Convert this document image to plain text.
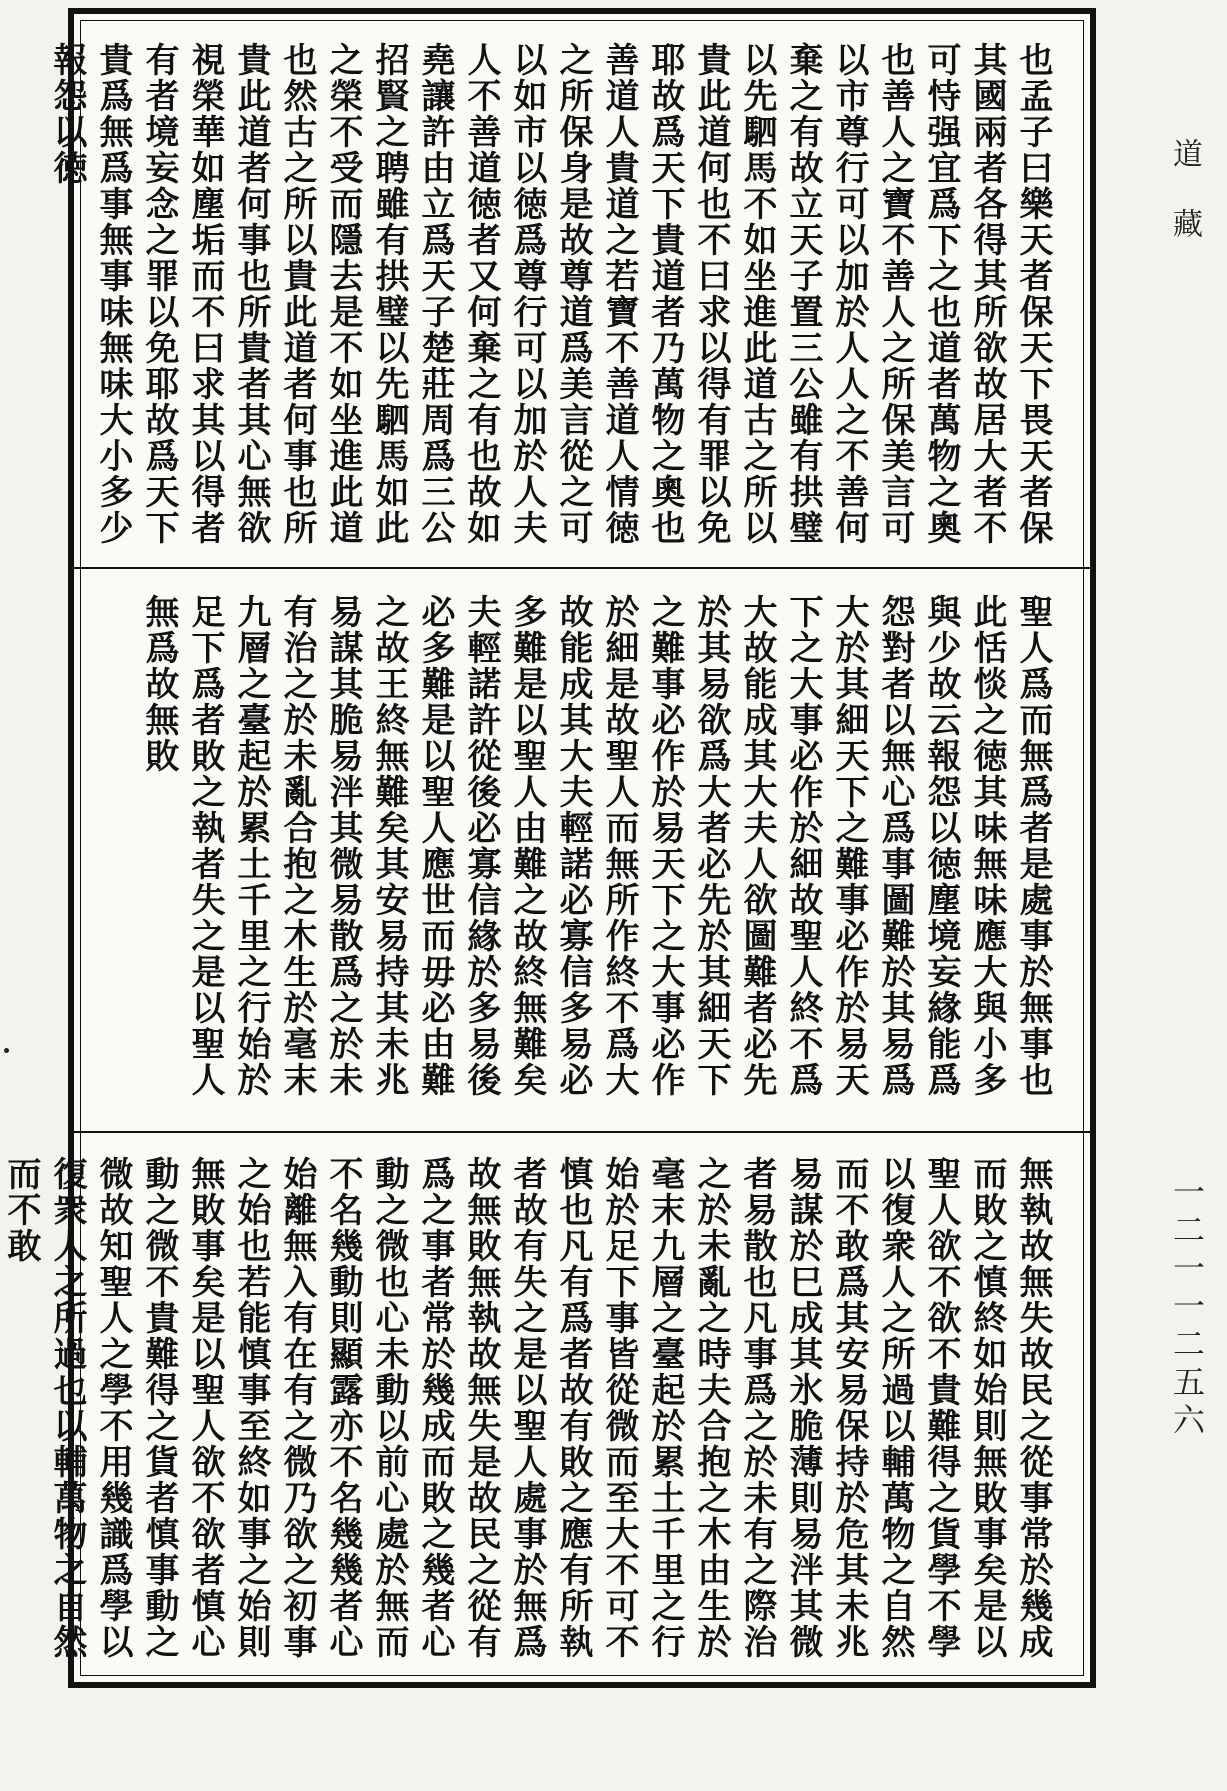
也孟子曰樂天者保天下畏天者保其國兩者各得其所欲故居大者不可恃强宜爲下之也道者萬物之奧也善人之寶不善人之所保美言可以市尊行可以加於人人之不善何棄之有故立天子置三公雖有拱璧以先駟馬不如坐進此道古之所以貴此道何也不曰求以得有罪以免耶故爲天下貴道者乃萬物之奧也善道人貴道之若寶不善道人情徳之所保身是故尊道爲美言從之可以如市以徳爲尊行可以加於人夫人不善道徳者又何棄之有也故如堯讓許由立爲天子楚莊周爲三公招賢之聘雖有拱璧以先駟馬如此之榮不受而隱去是不如坐進此道也然古之所以貴此道者何事也所貴此道者何事也所貴者其心無欲視榮華如塵垢而不曰求其以得者有者境妄念之罪以免耶故爲天下貴爲無爲事無事味無味大小多少報怨以徳

聖人爲而無爲者是處事於無事也此恬惔之徳其味無味應大與小多與少故云報怨以徳塵境妄緣能爲怨對者以無心爲事圖難於其易爲大於其細天下之難事必作於易天下之大事必作於細故聖人終不爲大故能成其大夫人欲圖難者必先於其易欲爲大者必先於其細天下之難事必作於易天下之大事必作於細是故聖人而無所作終不爲大故能成其大夫輕諾必寡信多易必多難是以聖人由難之故終無難矣夫輕諾許從後必寡信緣於多易後必多難是以聖人應世而毋必由難之故王終無難矣其安易持其未兆易謀其脆易泮其微易散爲之於未有治之於未亂合抱之木生於毫末九層之臺起於累土千里之行始於足下爲者敗之執者失之是以聖人無爲故無敗

無執故無失故民之從事常於幾成而敗之慎終如始則無敗事矣是以聖人欲不欲不貴難得之貨學不學以復衆人之所過以輔萬物之自然而不敢爲其安易保持於危其未兆易謀於巳成其氷脆薄則易泮其微者易散也凡事爲之於未有之際治之於未亂之時夫合抱之木由生於毫末九層之臺起於累土千里之行始於足下事皆從微而至大不可不慎也凡有爲者故有敗之應有所執者故有失之是以聖人處事於無爲故無敗無執故無失是故民之從有爲之事者常於幾成而敗之幾者心動之微也心未動以前心處於無而不名幾動則顯露亦不名幾幾者心始離無入有在有之微乃欲之初事之始也若能慎事至終如事之始則無敗事矣是以聖人欲不欲者慎心動之微不貴難得之貨者慎事動之微故知聖人之學不用幾識爲學以復衆人之所過也以輔萬物之自然而不敢

道
藏
一二一一二五六
